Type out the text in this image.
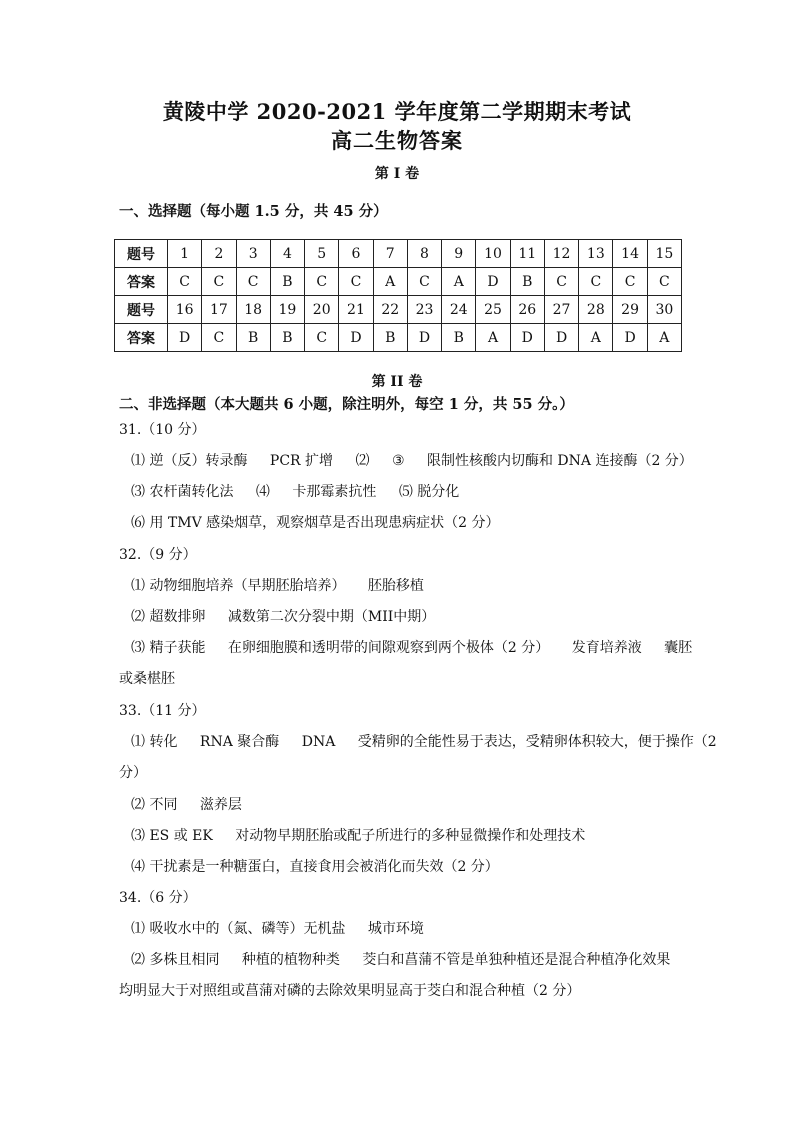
黄陵中学 2020-2021 学年度第二学期期末考试
高二生物答案
第 I 卷
一、选择题（每小题 1.5 分，共 45 分）
题号	1	2	3	4	5	6	7	8	9	10	11	12	13	14	15
答案	C	C	C	B	C	C	A	C	A	D	B	C	C	C	C
题号	16	17	18	19	20	21	22	23	24	25	26	27	28	29	30
答案	D	C	B	B	C	D	B	D	B	A	D	D	A	D	A
第 II 卷
二、非选择题（本大题共 6 小题，除注明外，每空 1 分，共 55 分。）
31.（10 分）
⑴ 逆（反）转录酶 PCR 扩增 ⑵ ③ 限制性核酸内切酶和 DNA 连接酶（2 分）
⑶ 农杆菌转化法 ⑷ 卡那霉素抗性 ⑸ 脱分化
⑹ 用 TMV 感染烟草，观察烟草是否出现患病症状（2 分）
32.（9 分）
⑴ 动物细胞培养（早期胚胎培养） 胚胎移植
⑵ 超数排卵 减数第二次分裂中期（MII中期）
⑶ 精子获能 在卵细胞膜和透明带的间隙观察到两个极体（2 分） 发育培养液 囊胚
或桑椹胚
33.（11 分）
⑴ 转化 RNA 聚合酶 DNA 受精卵的全能性易于表达，受精卵体积较大，便于操作（2
分）
⑵ 不同 滋养层
⑶ ES 或 EK 对动物早期胚胎或配子所进行的多种显微操作和处理技术
⑷ 干扰素是一种糖蛋白，直接食用会被消化而失效（2 分）
34.（6 分）
⑴ 吸收水中的（氮、磷等）无机盐 城市环境
⑵ 多株且相同 种植的植物种类 茭白和菖蒲不管是单独种植还是混合种植净化效果
均明显大于对照组或菖蒲对磷的去除效果明显高于茭白和混合种植（2 分）
